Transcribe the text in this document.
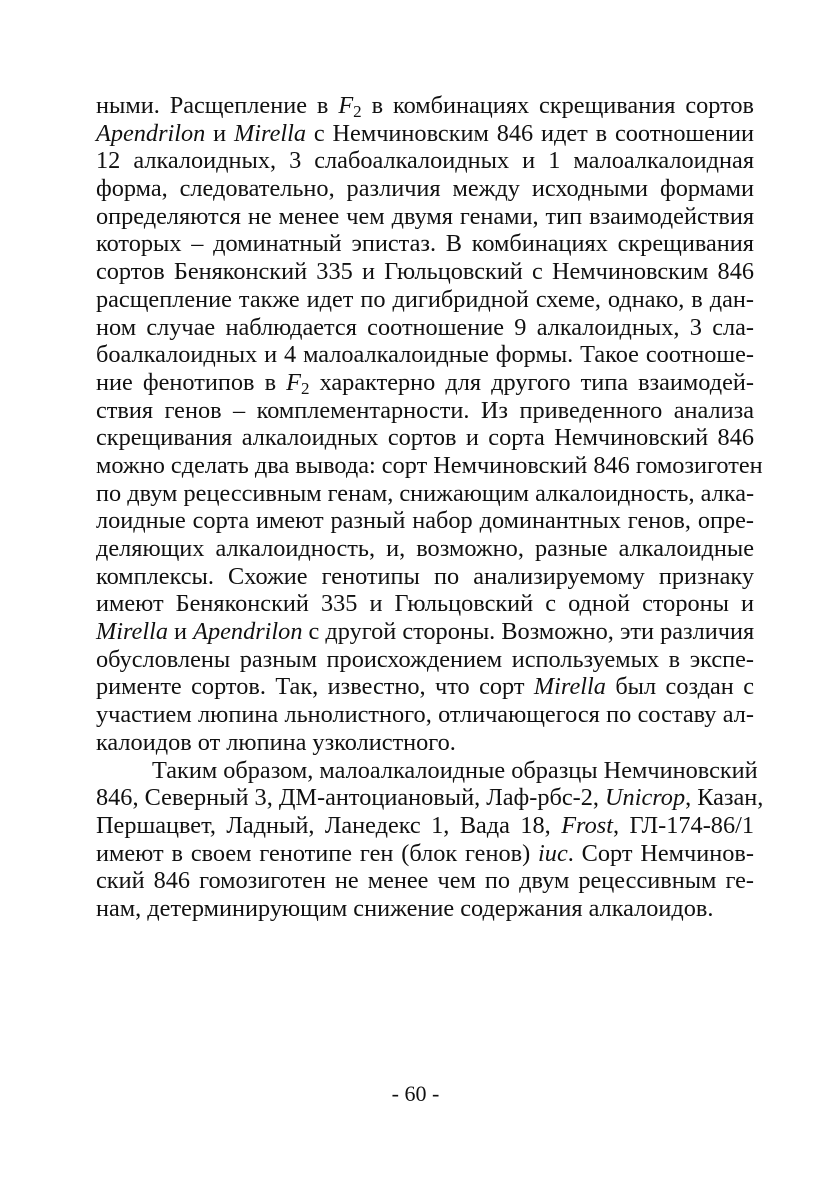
ными. Расщепление в $F_2$ в комбинациях скрещивания сортов
Apendrilon и Mirella с Немчиновским 846 идет в соотношении
12 алкалоидных, 3 слабоалкалоидных и 1 малоалкалоидная
форма, следовательно, различия между исходными формами
определяются не менее чем двумя генами, тип взаимодействия
которых – доминатный эпистаз. В комбинациях скрещивания
сортов Беняконский 335 и Гюльцовский с Немчиновским 846
расщепление также идет по дигибридной схеме, однако, в дан-
ном случае наблюдается соотношение 9 алкалоидных, 3 сла-
боалкалоидных и 4 малоалкалоидные формы. Такое соотноше-
ние фенотипов в $F_2$ характерно для другого типа взаимодей-
ствия генов – комплементарности. Из приведенного анализа
скрещивания алкалоидных сортов и сорта Немчиновский 846
можно сделать два вывода: сорт Немчиновский 846 гомозиготен
по двум рецессивным генам, снижающим алкалоидность, алка-
лоидные сорта имеют разный набор доминантных генов, опре-
деляющих алкалоидность, и, возможно, разные алкалоидные
комплексы. Схожие генотипы по анализируемому признаку
имеют Беняконский 335 и Гюльцовский с одной стороны и
Mirella и Apendrilon с другой стороны. Возможно, эти различия
обусловлены разным происхождением используемых в экспе-
рименте сортов. Так, известно, что сорт Mirella был создан с
участием люпина льнолистного, отличающегося по составу ал-
калоидов от люпина узколистного.
Таким образом, малоалкалоидные образцы Немчиновский
846, Северный 3, ДМ-антоциановый, Лаф-рбс-2, Unicrop, Казан,
Першацвет, Ладный, Ланедекс 1, Вада 18, Frost, ГЛ-174-86/1
имеют в своем генотипе ген (блок генов) iuc. Сорт Немчинов-
ский 846 гомозиготен не менее чем по двум рецессивным ге-
нам, детерминирующим снижение содержания алкалоидов.
- 60 -
